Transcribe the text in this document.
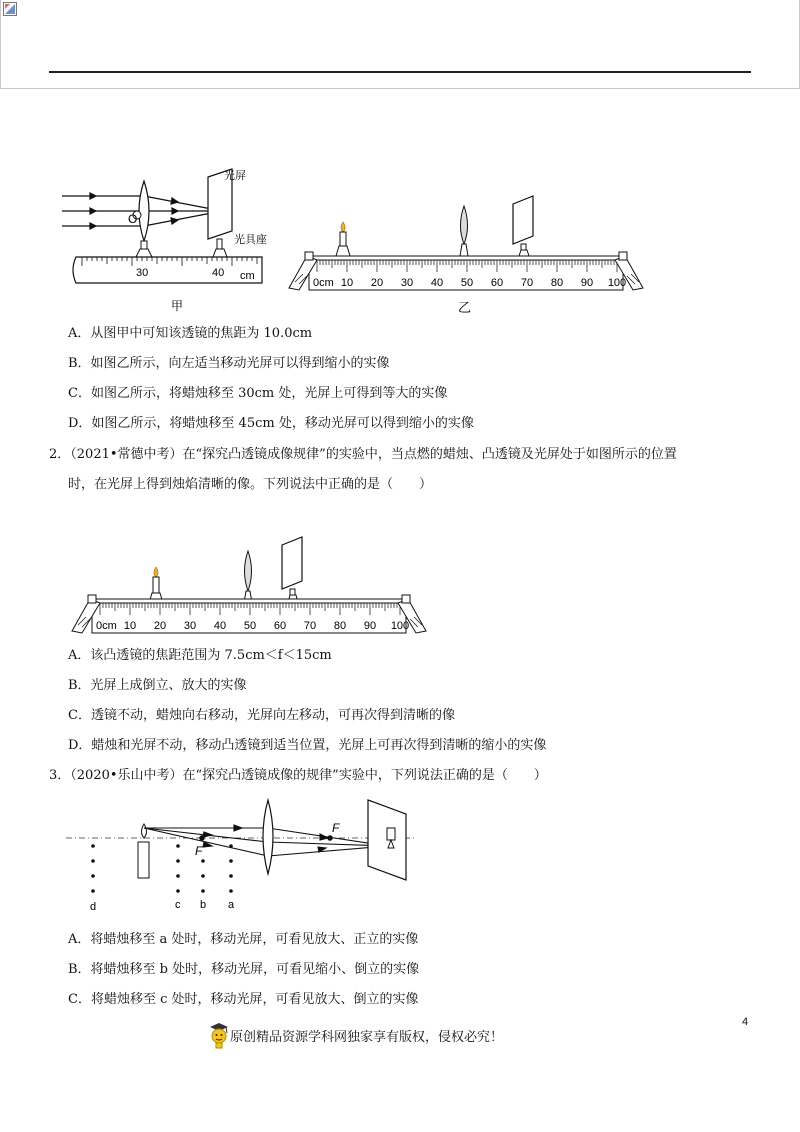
O
光屏
光具座
30	40 cm
甲
0cm 10 20 30 40 50 60 70 80 90 100
乙
A．从图甲中可知该透镜的焦距为 10.0cm
B．如图乙所示，向左适当移动光屏可以得到缩小的实像
C．如图乙所示，将蜡烛移至 30cm 处，光屏上可得到等大的实像
D．如图乙所示，将蜡烛移至 45cm 处，移动光屏可以得到缩小的实像
2．（2021•常德中考）在“探究凸透镜成像规律”的实验中，当点燃的蜡烛、凸透镜及光屏处于如图所示的位置
时，在光屏上得到烛焰清晰的像。下列说法中正确的是（　　）
0cm 10 20 30 40 50 60 70 80 90 100
A．该凸透镜的焦距范围为 7.5cm＜f＜15cm
B．光屏上成倒立、放大的实像
C．透镜不动，蜡烛向右移动，光屏向左移动，可再次得到清晰的像
D．蜡烛和光屏不动，移动凸透镜到适当位置，光屏上可再次得到清晰的缩小的实像
3．（2020•乐山中考）在“探究凸透镜成像的规律”实验中，下列说法正确的是（　　）
F
F
d	c b a
A．将蜡烛移至 a 处时，移动光屏，可看见放大、正立的实像
B．将蜡烛移至 b 处时，移动光屏，可看见缩小、倒立的实像
C．将蜡烛移至 c 处时，移动光屏，可看见放大、倒立的实像
原创精品资源学科网独家享有版权，侵权必究！
4
